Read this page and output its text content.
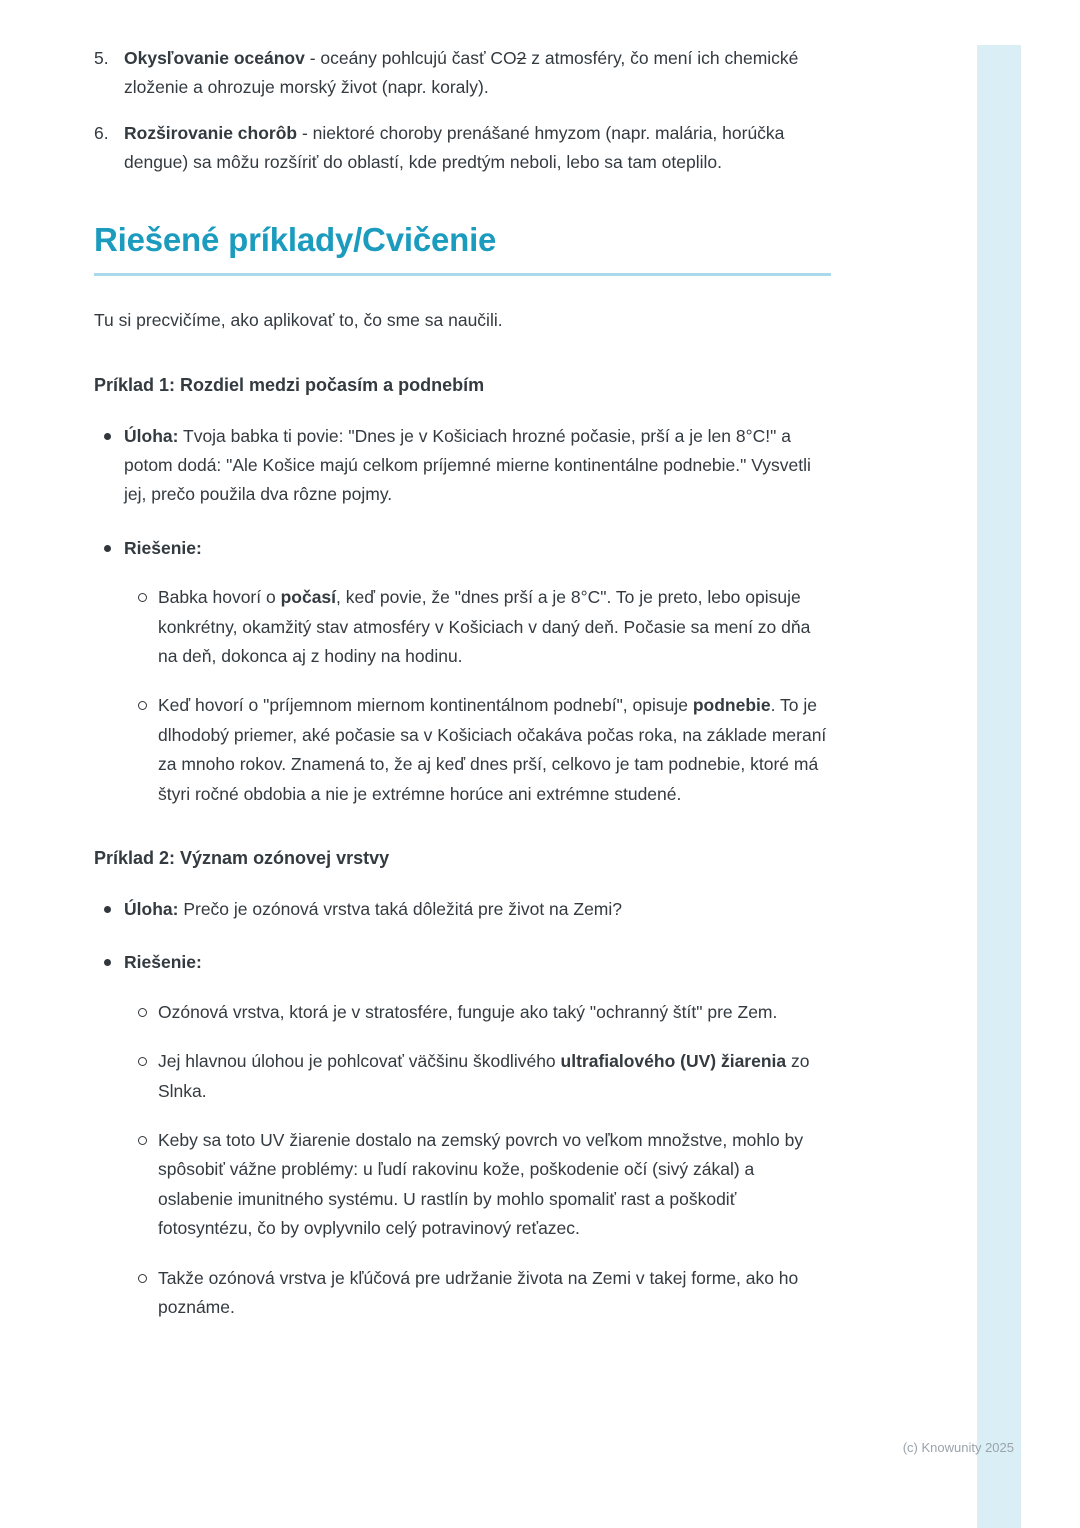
5. Okysľovanie oceánov - oceány pohlcujú časť CO2 z atmosféry, čo mení ich chemické zloženie a ohrozuje morský život (napr. koraly).
6. Rozširovanie chorôb - niektoré choroby prenášané hmyzom (napr. malária, horúčka dengue) sa môžu rozšíriť do oblastí, kde predtým neboli, lebo sa tam oteplilo.
Riešené príklady/Cvičenie

Tu si precvičíme, ako aplikovať to, čo sme sa naučili.

Príklad 1: Rozdiel medzi počasím a podnebím
Úloha: Tvoja babka ti povie: "Dnes je v Košiciach hrozné počasie, prší a je len 8°C!" a potom dodá: "Ale Košice majú celkom príjemné mierne kontinentálne podnebie." Vysvetli jej, prečo použila dva rôzne pojmy.
Riešenie:
Babka hovorí o počasí, keď povie, že "dnes prší a je 8°C". To je preto, lebo opisuje konkrétny, okamžitý stav atmosféry v Košiciach v daný deň. Počasie sa mení zo dňa na deň, dokonca aj z hodiny na hodinu.
Keď hovorí o "príjemnom miernom kontinentálnom podnebí", opisuje podnebie. To je dlhodobý priemer, aké počasie sa v Košiciach očakáva počas roka, na základe meraní za mnoho rokov. Znamená to, že aj keď dnes prší, celkovo je tam podnebie, ktoré má štyri ročné obdobia a nie je extrémne horúce ani extrémne studené.
Príklad 2: Význam ozónovej vrstvy
Úloha: Prečo je ozónová vrstva taká dôležitá pre život na Zemi?
Riešenie:
Ozónová vrstva, ktorá je v stratosfére, funguje ako taký "ochranný štít" pre Zem.
Jej hlavnou úlohou je pohlcovať väčšinu škodlivého ultrafialového (UV) žiarenia zo Slnka.
Keby sa toto UV žiarenie dostalo na zemský povrch vo veľkom množstve, mohlo by spôsobiť vážne problémy: u ľudí rakovinu kože, poškodenie očí (sivý zákal) a oslabenie imunitného systému. U rastlín by mohlo spomaliť rast a poškodiť fotosyntézu, čo by ovplyvnilo celý potravinový reťazec.
Takže ozónová vrstva je kľúčová pre udržanie života na Zemi v takej forme, ako ho poznáme.
(c) Knowunity 2025
